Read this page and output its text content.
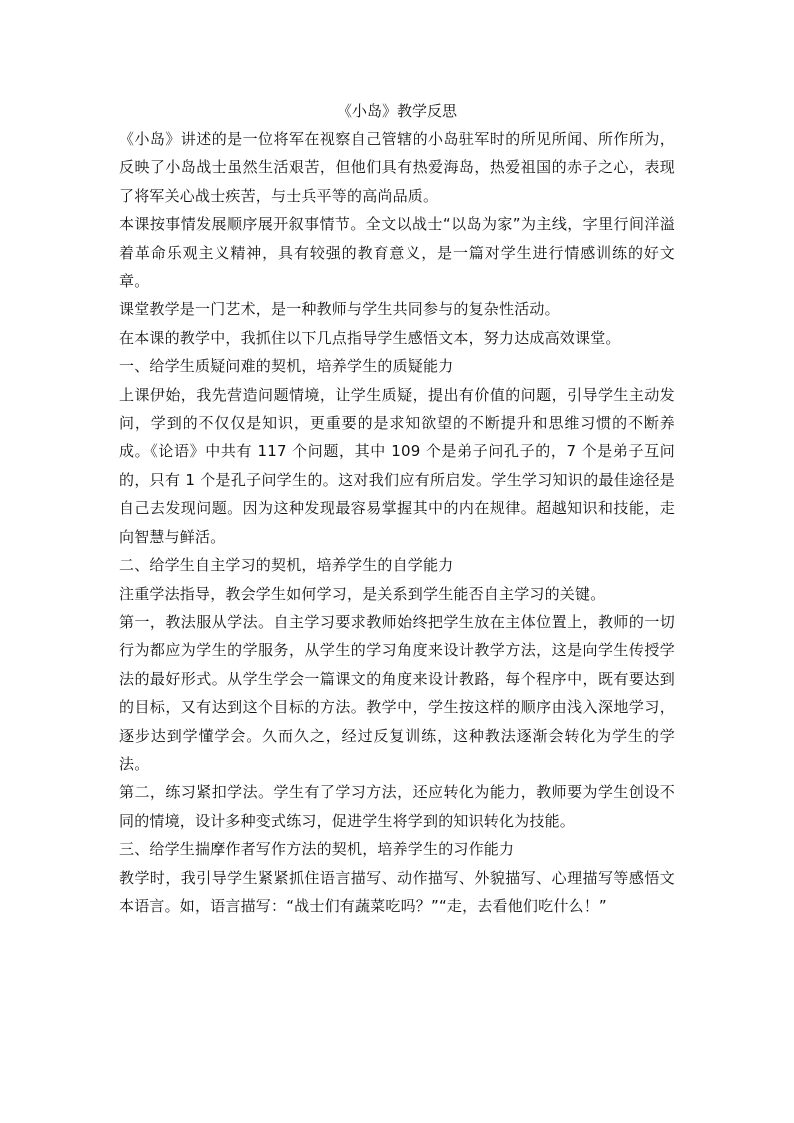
《小岛》教学反思

《小岛》讲述的是一位将军在视察自己管辖的小岛驻军时的所见所闻、所作所为，反映了小岛战士虽然生活艰苦，但他们具有热爱海岛，热爱祖国的赤子之心，表现了将军关心战士疾苦，与士兵平等的高尚品质。

本课按事情发展顺序展开叙事情节。全文以战士“以岛为家”为主线，字里行间洋溢着革命乐观主义精神，具有较强的教育意义，是一篇对学生进行情感训练的好文章。

课堂教学是一门艺术，是一种教师与学生共同参与的复杂性活动。

在本课的教学中，我抓住以下几点指导学生感悟文本，努力达成高效课堂。

一、给学生质疑问难的契机，培养学生的质疑能力

上课伊始，我先营造问题情境，让学生质疑，提出有价值的问题，引导学生主动发问，学到的不仅仅是知识，更重要的是求知欲望的不断提升和思维习惯的不断养成。《论语》中共有 117 个问题，其中 109 个是弟子问孔子的，7 个是弟子互问的，只有 1 个是孔子问学生的。这对我们应有所启发。学生学习知识的最佳途径是自己去发现问题。因为这种发现最容易掌握其中的内在规律。超越知识和技能，走向智慧与鲜活。

二、给学生自主学习的契机，培养学生的自学能力

注重学法指导，教会学生如何学习，是关系到学生能否自主学习的关键。

第一，教法服从学法。自主学习要求教师始终把学生放在主体位置上，教师的一切行为都应为学生的学服务，从学生的学习角度来设计教学方法，这是向学生传授学法的最好形式。从学生学会一篇课文的角度来设计教路，每个程序中，既有要达到的目标，又有达到这个目标的方法。教学中，学生按这样的顺序由浅入深地学习，逐步达到学懂学会。久而久之，经过反复训练，这种教法逐渐会转化为学生的学法。

第二，练习紧扣学法。学生有了学习方法，还应转化为能力，教师要为学生创设不同的情境，设计多种变式练习，促进学生将学到的知识转化为技能。

三、给学生揣摩作者写作方法的契机，培养学生的习作能力

教学时，我引导学生紧紧抓住语言描写、动作描写、外貌描写、心理描写等感悟文本语言。如，语言描写：“战士们有蔬菜吃吗？”“走，去看他们吃什么！”
